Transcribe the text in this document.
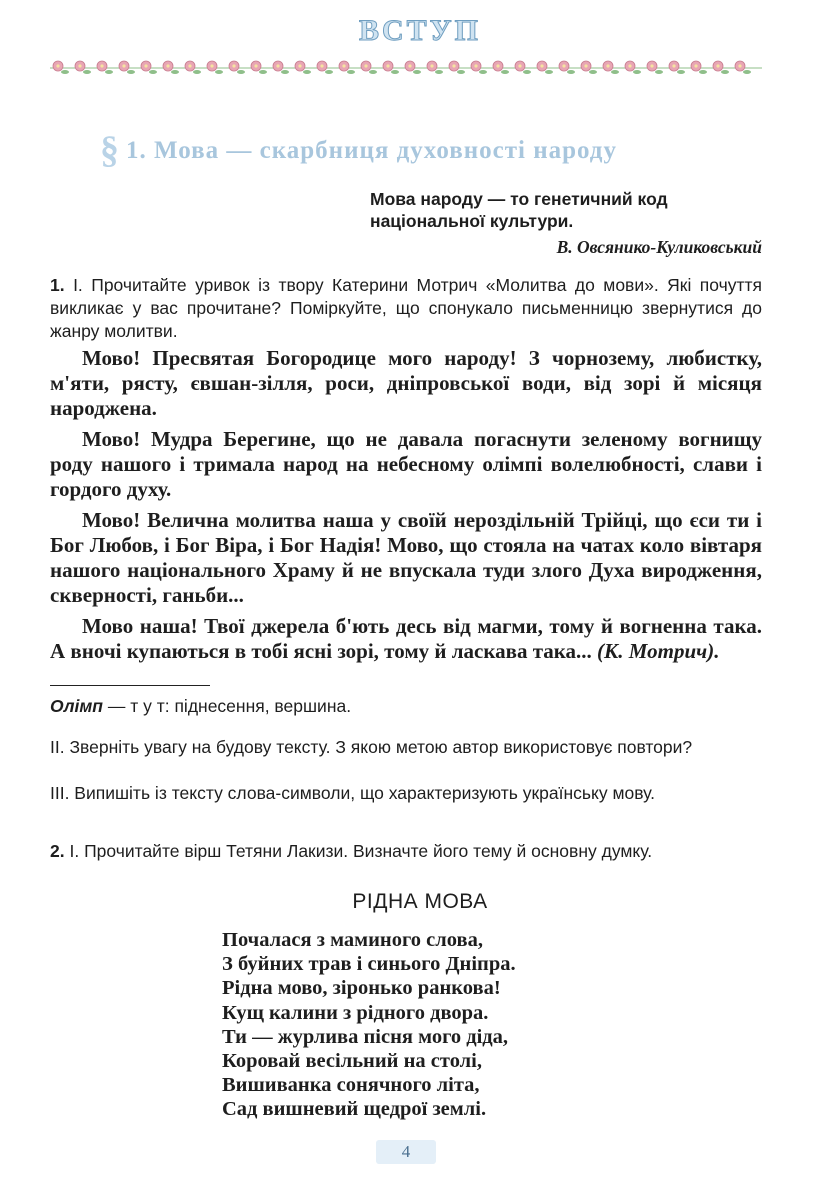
ВСТУП
§ 1. Мова — скарбниця духовності народу
Мова народу — то генетичний код національної культури.
В. Овсянико-Куликовський
1. І. Прочитайте уривок із твору Катерини Мотрич «Молитва до мови». Які почуття викликає у вас прочитане? Поміркуйте, що спонукало письменницю звернутися до жанру молитви.

Мово! Пресвятая Богородице мого народу! З чорнозему, любистку, м'яти, рясту, євшан-зілля, роси, дніпровської води, від зорі й місяця народжена.

Мово! Мудра Берегине, що не давала погаснути зеленому вогнищу роду нашого і тримала народ на небесному олімпі волелюбності, слави і гордого духу.

Мово! Велична молитва наша у своїй нероздільній Трійці, що єси ти і Бог Любов, і Бог Віра, і Бог Надія! Мово, що стояла на чатах коло вівтаря нашого національного Храму й не впускала туди злого Духа виродження, скверності, ганьби...

Мово наша! Твої джерела б'ють десь від магми, тому й вогненна така. А вночі купаються в тобі ясні зорі, тому й ласкава така... (К. Мотрич).

Олімп — т у т: піднесення, вершина.
ІІ. Зверніть увагу на будову тексту. З якою метою автор використовує повтори?
ІІІ. Випишіть із тексту слова-символи, що характеризують українську мову.
2. І. Прочитайте вірш Тетяни Лакизи. Визначте його тему й основну думку.
РІДНА МОВА
Почалася з маминого слова,
З буйних трав і синього Дніпра.
Рідна мово, зіронько ранкова!
Кущ калини з рідного двора.
Ти — журлива пісня мого діда,
Коровай весільний на столі,
Вишиванка сонячного літа,
Сад вишневий щедрої землі.
4
